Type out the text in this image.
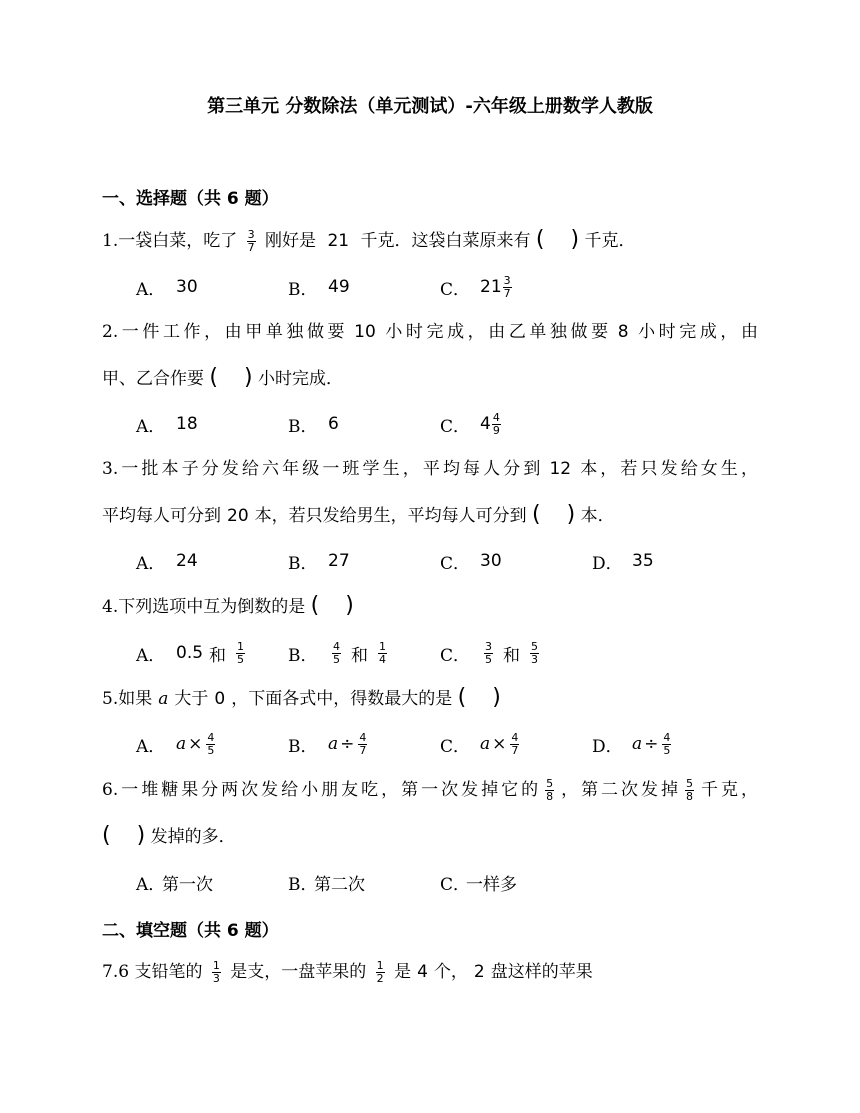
第三单元 分数除法（单元测试）-六年级上册数学人教版
一、选择题（共 6 题）
1.一袋白菜，吃了 $\frac{3}{7}$ 刚好是 21 千克．这袋白菜原来有 ( ) 千克．
A． 30	B． 49	C． $21 \frac{3}{7}$
2.一件工作，由甲单独做要 10 小时完成，由乙单独做要 8 小时完成，由
甲、乙合作要 ( ) 小时完成．
A． 18	B． 6	C． $4 \frac{4}{9}$
3.一批本子分发给六年级一班学生，平均每人分到 12 本，若只发给女生，
平均每人可分到 20 本，若只发给男生，平均每人可分到 ( ) 本．
A． 24	B． 27	C． 30	D． 35
4.下列选项中互为倒数的是 ( )
A． 0.5 和 $\frac{1}{5}$	B．	$\frac{4}{5}$ 和 $\frac{1}{4}$	C．	$\frac{3}{5}$ 和 $\frac{5}{3}$
5.如果 a 大于 0 ，下面各式中，得数最大的是 ( )
A． $a \times \frac{4}{5}$	B． $a \div \frac{4}{7}$	C． $a \times \frac{4}{7}$	D． $a \div \frac{4}{5}$
6.一堆糖果分两次发给小朋友吃，第一次发掉它的 $\frac{5}{8}$ ，第二次发掉 $\frac{5}{8}$ 千克，
( ) 发掉的多．
A．
第一次	B．
第二次	C．
一样多
二、填空题（共 6 题）
7.6 支铅笔的 $\frac{1}{3}$ 是支，一盘苹果的 $\frac{1}{2}$ 是 4 个， 2 盘这样的苹果
